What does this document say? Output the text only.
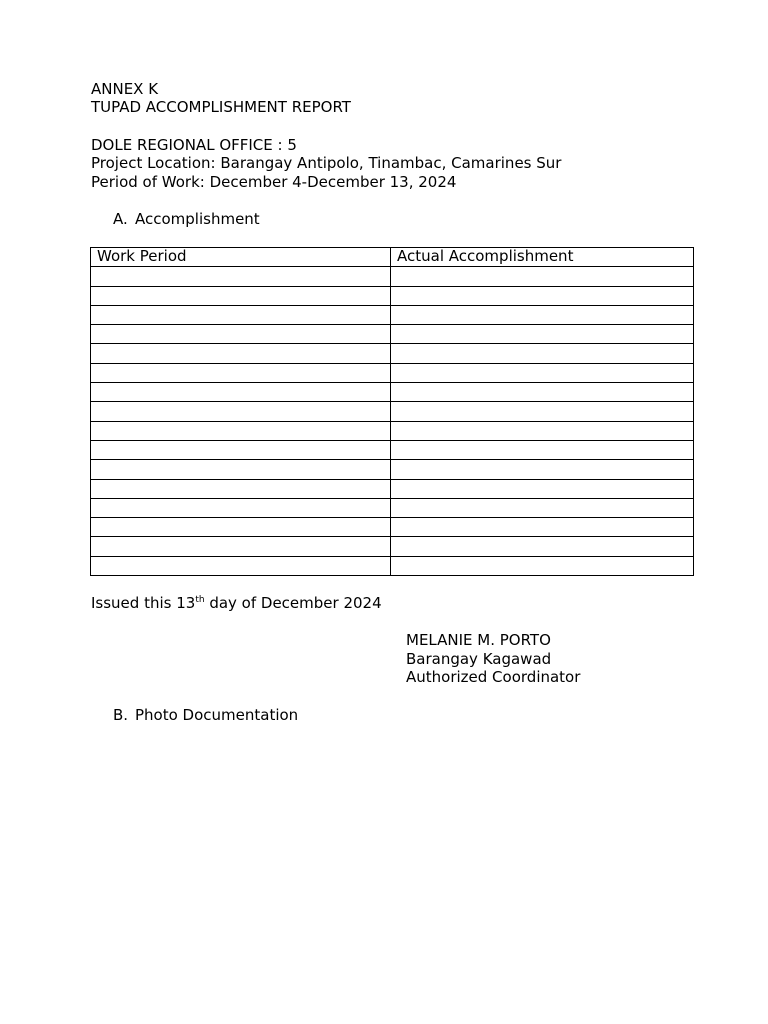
ANNEX K
TUPAD ACCOMPLISHMENT REPORT
DOLE REGIONAL OFFICE : 5
Project Location: Barangay Antipolo, Tinambac, Camarines Sur
Period of Work: December 4-December 13, 2024
A. Accomplishment
Work Period	Actual Accomplishment

Issued this 13th day of December 2024
MELANIE M. PORTO
Barangay Kagawad
Authorized Coordinator
B. Photo Documentation
